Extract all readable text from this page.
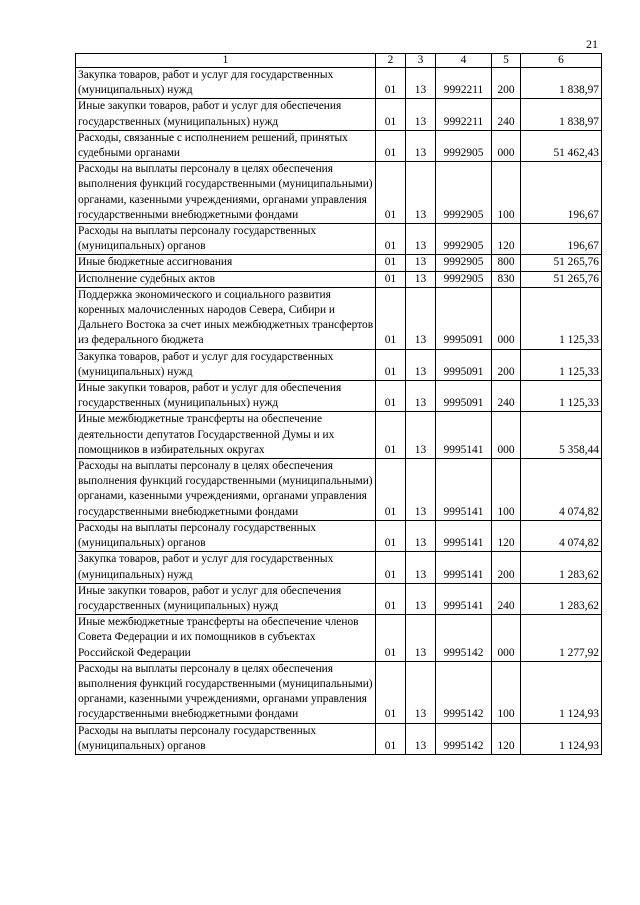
21
1	2	3	4	5	6
Закупка товаров, работ и услуг для государственных (муниципальных) нужд	01	13	9992211	200	1 838,97
Иные закупки товаров, работ и услуг для обеспечения государственных (муниципальных) нужд	01	13	9992211	240	1 838,97
Расходы, связанные с исполнением решений, принятых судебными органами	01	13	9992905	000	51 462,43
Расходы на выплаты персоналу в целях обеспечения выполнения функций государственными (муниципальными) органами, казенными учреждениями, органами управления государственными внебюджетными фондами	01	13	9992905	100	196,67
Расходы на выплаты персоналу государственных (муниципальных) органов	01	13	9992905	120	196,67
Иные бюджетные ассигнования	01	13	9992905	800	51 265,76
Исполнение судебных актов	01	13	9992905	830	51 265,76
Поддержка экономического и социального развития коренных малочисленных народов Севера, Сибири и Дальнего Востока за счет иных межбюджетных трансфертов из федерального бюджета	01	13	9995091	000	1 125,33
Закупка товаров, работ и услуг для государственных (муниципальных) нужд	01	13	9995091	200	1 125,33
Иные закупки товаров, работ и услуг для обеспечения государственных (муниципальных) нужд	01	13	9995091	240	1 125,33
Иные межбюджетные трансферты на обеспечение деятельности депутатов Государственной Думы и их помощников в избирательных округах	01	13	9995141	000	5 358,44
Расходы на выплаты персоналу в целях обеспечения выполнения функций государственными (муниципальными) органами, казенными учреждениями, органами управления государственными внебюджетными фондами	01	13	9995141	100	4 074,82
Расходы на выплаты персоналу государственных (муниципальных) органов	01	13	9995141	120	4 074,82
Закупка товаров, работ и услуг для государственных (муниципальных) нужд	01	13	9995141	200	1 283,62
Иные закупки товаров, работ и услуг для обеспечения государственных (муниципальных) нужд	01	13	9995141	240	1 283,62
Иные межбюджетные трансферты на обеспечение членов Совета Федерации и их помощников в субъектах Российской Федерации	01	13	9995142	000	1 277,92
Расходы на выплаты персоналу в целях обеспечения выполнения функций государственными (муниципальными) органами, казенными учреждениями, органами управления государственными внебюджетными фондами	01	13	9995142	100	1 124,93
Расходы на выплаты персоналу государственных (муниципальных) органов	01	13	9995142	120	1 124,93
